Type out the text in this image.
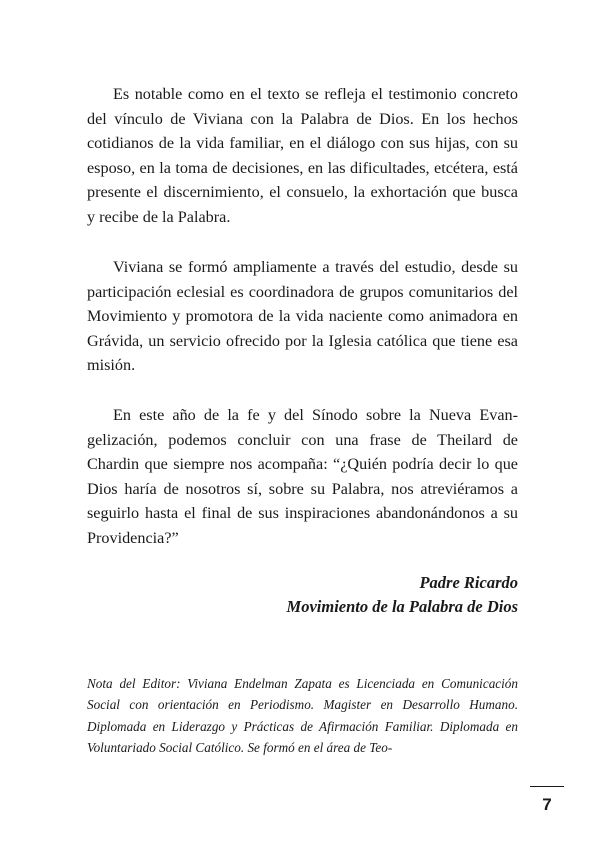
Es notable como en el texto se refleja el testimonio concreto del vínculo de Viviana con la Palabra de Dios. En los hechos cotidianos de la vida familiar, en el diálogo con sus hijas, con su esposo, en la toma de decisiones, en las dificultades, etcétera, está presente el discernimiento, el consuelo, la exhortación que busca y recibe de la Palabra.

Viviana se formó ampliamente a través del estudio, desde su participación eclesial es coordinadora de grupos comunitarios del Movimiento y promotora de la vida naciente como animadora en Grávida, un servicio ofrecido por la Iglesia católica que tiene esa misión.

En este año de la fe y del Sínodo sobre la Nueva Evangelización, podemos concluir con una frase de Theilard de Chardin que siempre nos acompaña: “¿Quién podría decir lo que Dios haría de nosotros sí, sobre su Palabra, nos atreviéramos a seguirlo hasta el final de sus inspiraciones abandonándonos a su Providencia?”

Padre Ricardo

Movimiento de la Palabra de Dios

Nota del Editor: Viviana Endelman Zapata es Licenciada en Comunicación Social con orientación en Periodismo. Magister en Desarrollo Humano. Diplomada en Liderazgo y Prácticas de Afirmación Familiar. Diplomada en Voluntariado Social Católico. Se formó en el área de Teo-

7
